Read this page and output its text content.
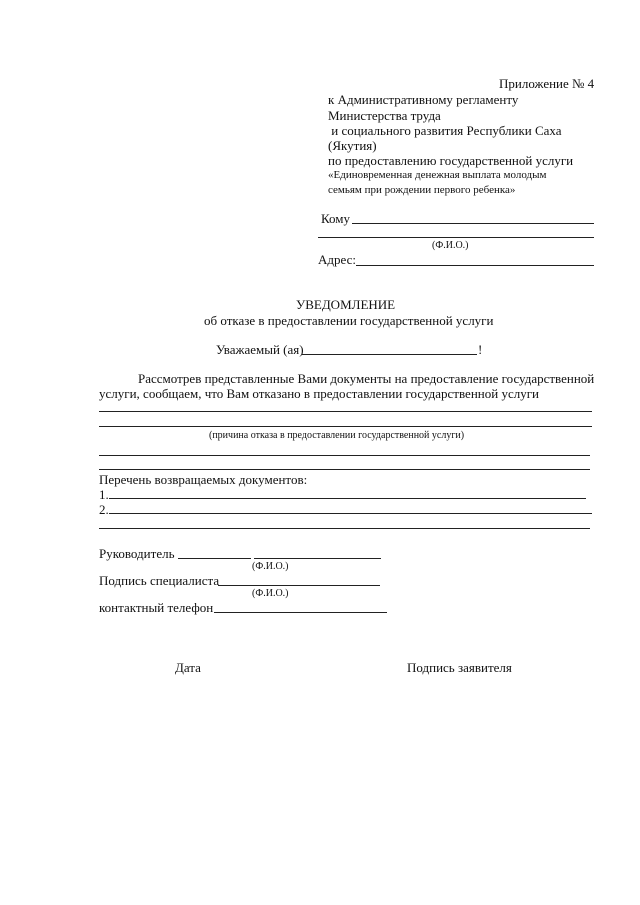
Приложение № 4
к Административному регламенту
Министерства труда
и социального развития Республики Саха
(Якутия)
по предоставлению государственной услуги
«Единовременная денежная выплата молодым
семьям при рождении первого ребенка»
Кому
(Ф.И.О.)
Адрес:
УВЕДОМЛЕНИЕ
об отказе в предоставлении государственной услуги
Уважаемый (ая)	!
Рассмотрев представленные Вами документы на предоставление государственной
услуги, сообщаем, что Вам отказано в предоставлении государственной услуги
(причина отказа в предоставлении государственной услуги)
Перечень возвращаемых документов:
1.
2.
Руководитель
(Ф.И.О.)
Подпись специалиста
(Ф.И.О.)
контактный телефон
Дата	Подпись заявителя
